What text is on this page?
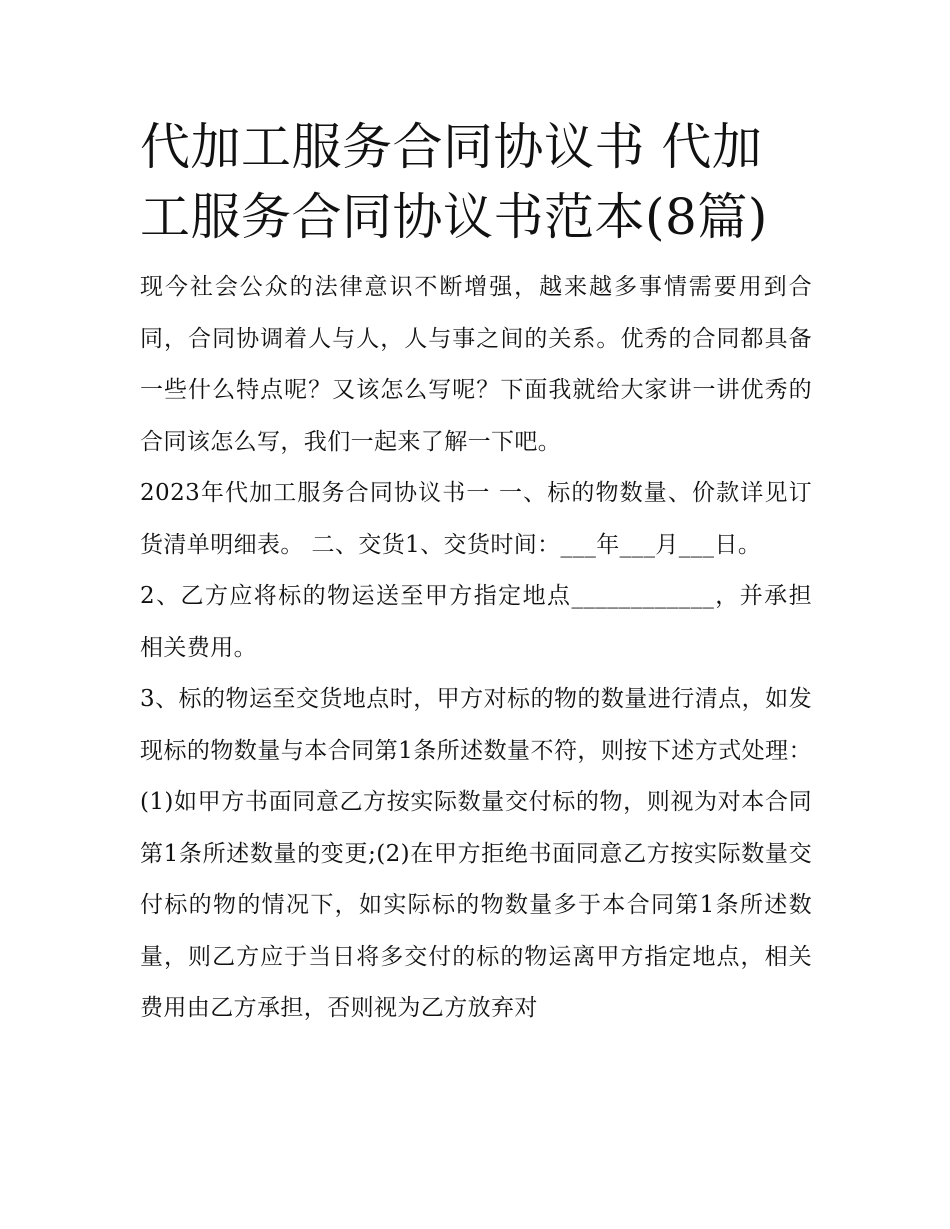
代加工服务合同协议书 代加工服务合同协议书范本(8篇)

现今社会公众的法律意识不断增强，越来越多事情需要用到合同，合同协调着人与人，人与事之间的关系。优秀的合同都具备一些什么特点呢？又该怎么写呢？下面我就给大家讲一讲优秀的合同该怎么写，我们一起来了解一下吧。

2023年代加工服务合同协议书一 一、标的物数量、价款详见订货清单明细表。 二、交货1、交货时间：___年___月___日。

2、乙方应将标的物运送至甲方指定地点____________，并承担相关费用。

3、标的物运至交货地点时，甲方对标的物的数量进行清点，如发现标的物数量与本合同第1条所述数量不符，则按下述方式处理：(1)如甲方书面同意乙方按实际数量交付标的物，则视为对本合同第1条所述数量的变更;(2)在甲方拒绝书面同意乙方按实际数量交付标的物的情况下，如实际标的物数量多于本合同第1条所述数量，则乙方应于当日将多交付的标的物运离甲方指定地点，相关费用由乙方承担，否则视为乙方放弃对
